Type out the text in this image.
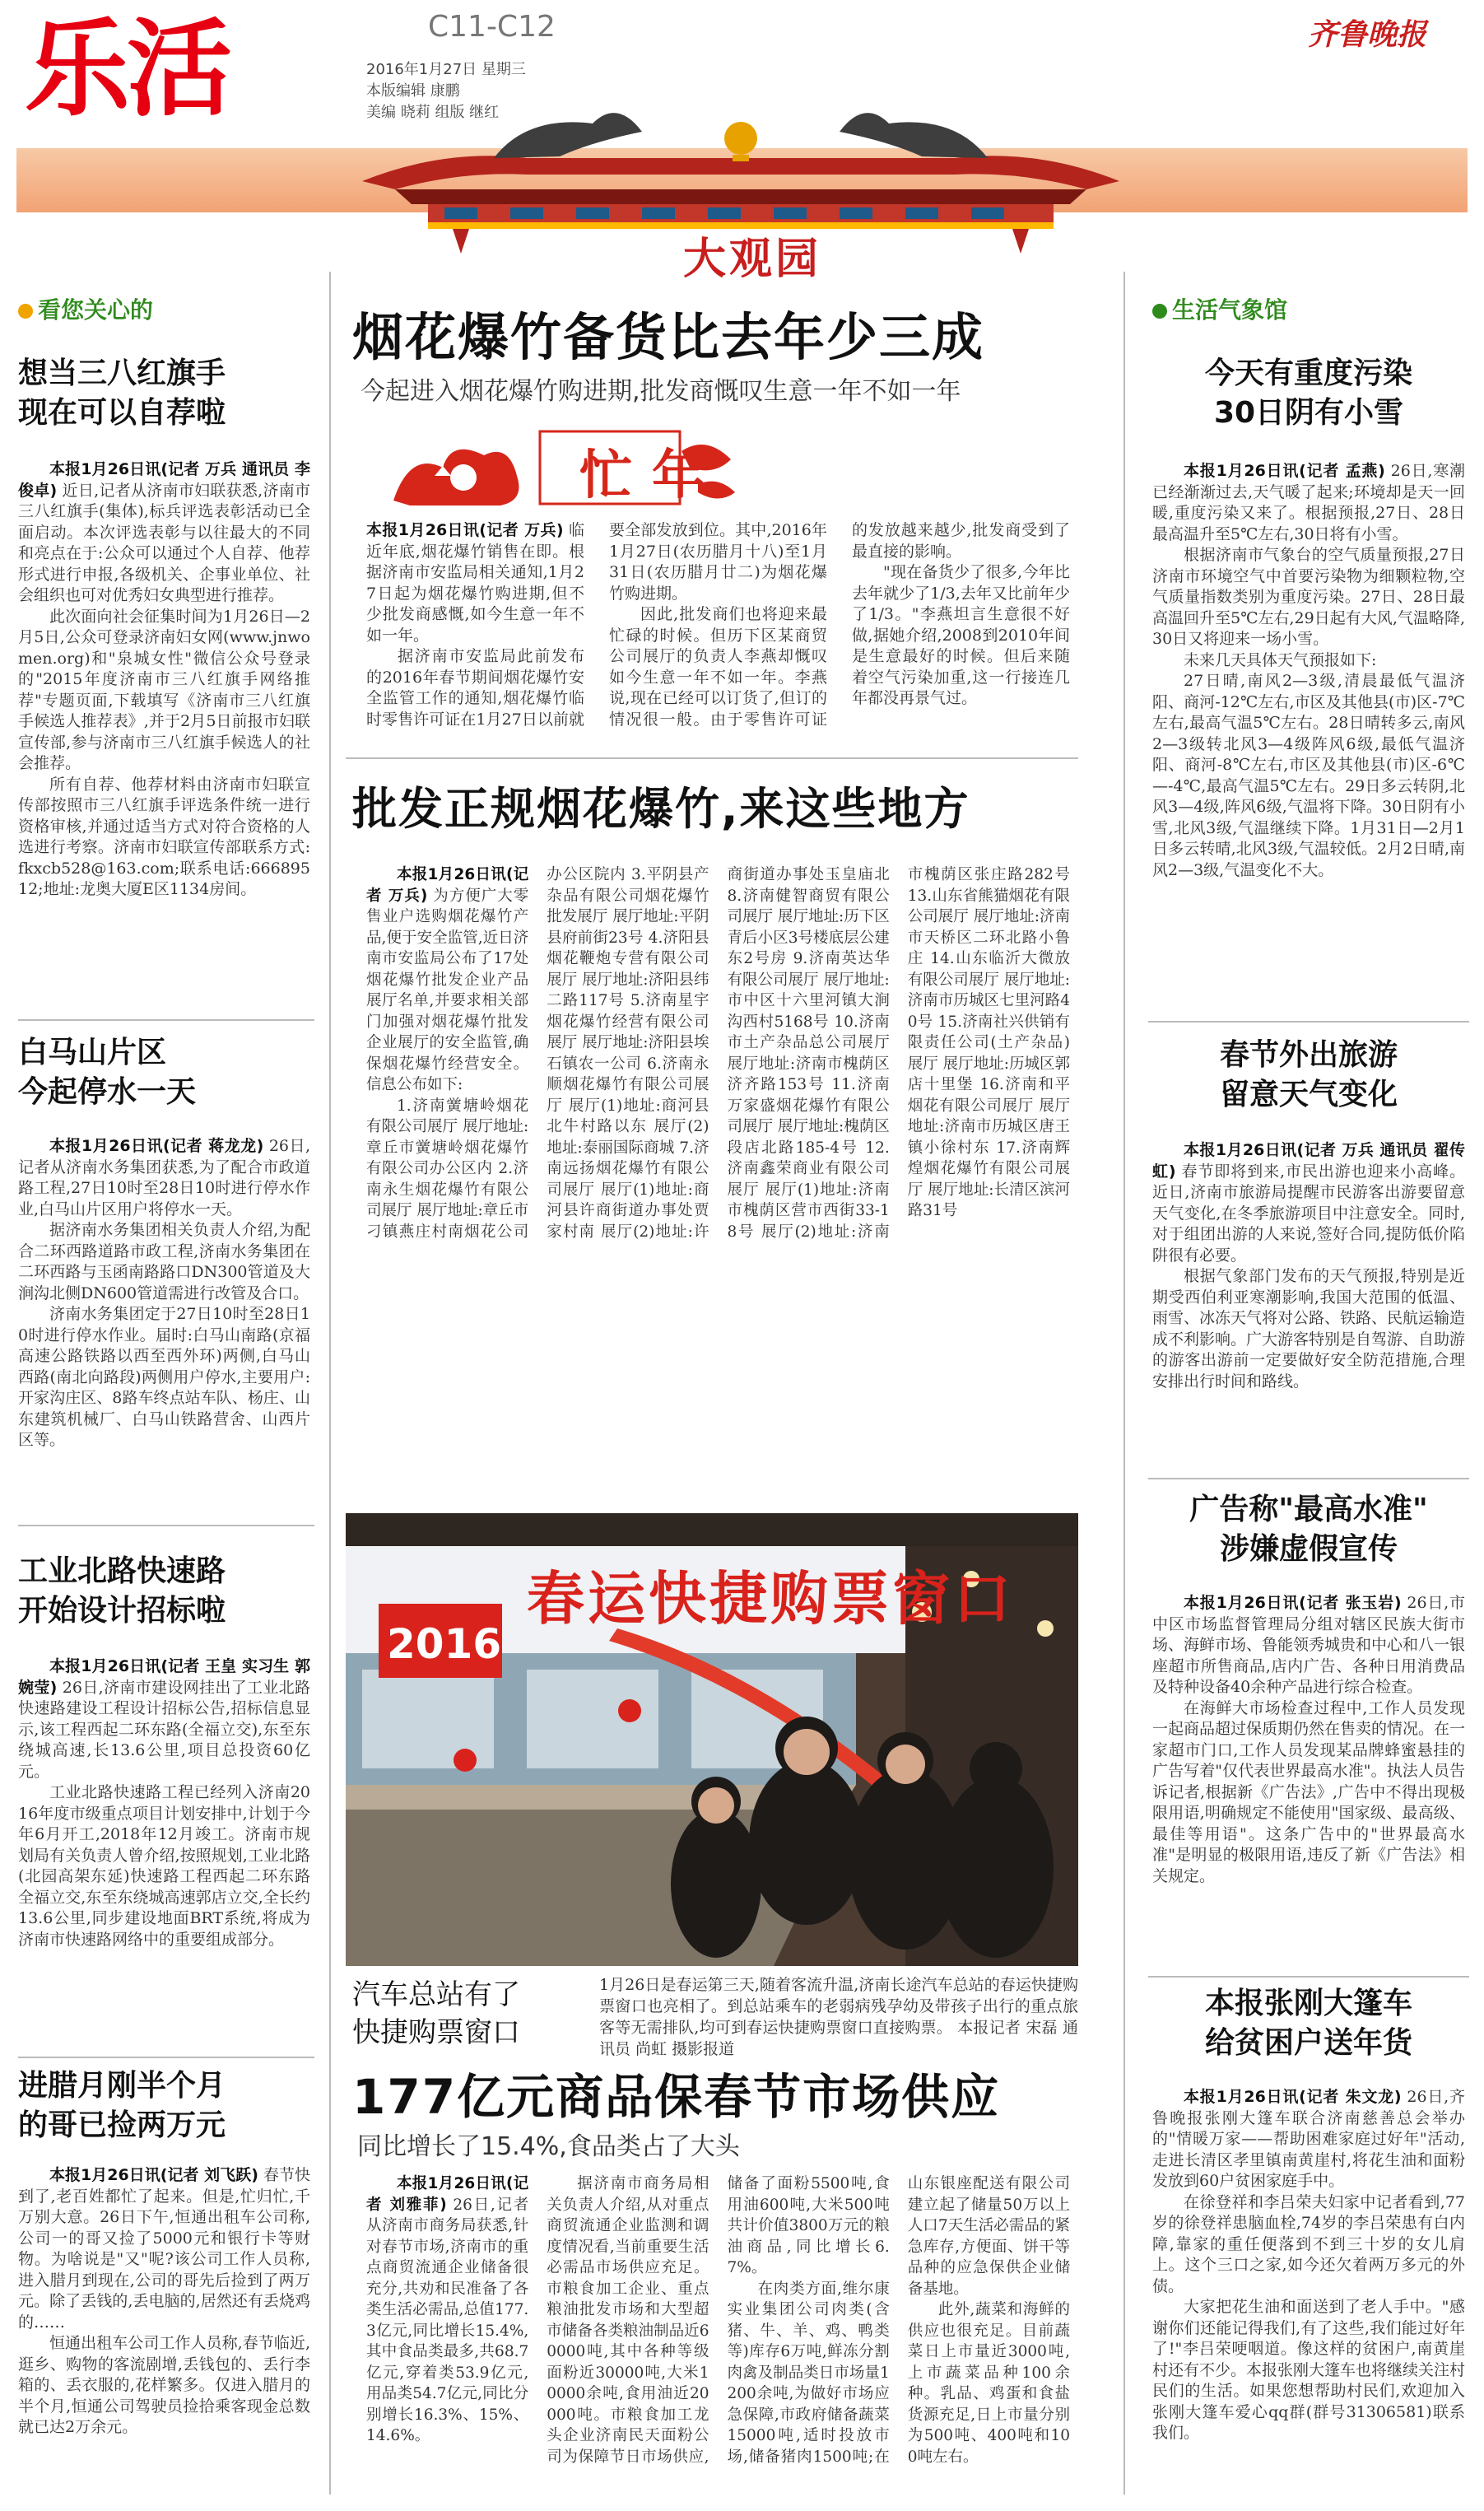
乐活	C11-C12
2016年1月27日 星期三
本版编辑 康鹏
美编 晓莉 组版 继红
齐鲁晚报
大观园
看您关心的
想当三八红旗手
现在可以自荐啦

本报1月26日讯(记者 万兵 通讯员 李俊卓) 近日,记者从济南市妇联获悉,济南市三八红旗手(集体),标兵评选表彰活动已全面启动。本次评选表彰与以往最大的不同和亮点在于:公众可以通过个人自荐、他荐形式进行申报,各级机关、企事业单位、社会组织也可对优秀妇女典型进行推荐。

此次面向社会征集时间为1月26日—2月5日,公众可登录济南妇女网(www.jnwomen.org)和"泉城女性"微信公众号登录的"2015年度济南市三八红旗手网络推荐"专题页面,下载填写《济南市三八红旗手候选人推荐表》,并于2月5日前报市妇联宣传部,参与济南市三八红旗手候选人的社会推荐。

所有自荐、他荐材料由济南市妇联宣传部按照市三八红旗手评选条件统一进行资格审核,并通过适当方式对符合资格的人选进行考察。济南市妇联宣传部联系方式:fkxcb528@163.com;联系电话:66689512;地址:龙奥大厦E区1134房间。

白马山片区
今起停水一天

本报1月26日讯(记者 蒋龙龙) 26日,记者从济南水务集团获悉,为了配合市政道路工程,27日10时至28日10时进行停水作业,白马山片区用户将停水一天。

据济南水务集团相关负责人介绍,为配合二环西路道路市政工程,济南水务集团在二环西路与玉函南路路口DN300管道及大涧沟北侧DN600管道需进行改管及合口。

济南水务集团定于27日10时至28日10时进行停水作业。届时:白马山南路(京福高速公路铁路以西至西外环)两侧,白马山西路(南北向路段)两侧用户停水,主要用户:开家沟庄区、8路车终点站车队、杨庄、山东建筑机械厂、白马山铁路营舍、山西片区等。

工业北路快速路
开始设计招标啦

本报1月26日讯(记者 王皇 实习生 郭婉莹) 26日,济南市建设网挂出了工业北路快速路建设工程设计招标公告,招标信息显示,该工程西起二环东路(全福立交),东至东绕城高速,长13.6公里,项目总投资60亿元。

工业北路快速路工程已经列入济南2016年度市级重点项目计划安排中,计划于今年6月开工,2018年12月竣工。济南市规划局有关负责人曾介绍,按照规划,工业北路(北园高架东延)快速路工程西起二环东路全福立交,东至东绕城高速郭店立交,全长约13.6公里,同步建设地面BRT系统,将成为济南市快速路网络中的重要组成部分。

进腊月刚半个月
的哥已捡两万元

本报1月26日讯(记者 刘飞跃) 春节快到了,老百姓都忙了起来。但是,忙归忙,千万别大意。26日下午,恒通出租车公司称,公司一的哥又捡了5000元和银行卡等财物。为啥说是"又"呢?该公司工作人员称,进入腊月到现在,公司的哥先后捡到了两万元。除了丢钱的,丢电脑的,居然还有丢烧鸡的……

恒通出租车公司工作人员称,春节临近,逛乡、购物的客流剧增,丢钱包的、丢行李箱的、丢衣服的,花样繁多。仅进入腊月的半个月,恒通公司驾驶员捡拾乘客现金总数就已达2万余元。

烟花爆竹备货比去年少三成
今起进入烟花爆竹购进期,批发商慨叹生意一年不如一年
忙年

本报1月26日讯(记者 万兵) 临近年底,烟花爆竹销售在即。根据济南市安监局相关通知,1月27日起为烟花爆竹购进期,但不少批发商感慨,如今生意一年不如一年。

据济南市安监局此前发布的2016年春节期间烟花爆竹安全监管工作的通知,烟花爆竹临时零售许可证在1月27日以前就要全部发放到位。其中,2016年1月27日(农历腊月十八)至1月31日(农历腊月廿二)为烟花爆竹购进期。

因此,批发商们也将迎来最忙碌的时候。但历下区某商贸公司展厅的负责人李燕却慨叹如今生意一年不如一年。李燕说,现在已经可以订货了,但订的情况很一般。由于零售许可证的发放越来越少,批发商受到了最直接的影响。

"现在备货少了很多,今年比去年就少了1/3,去年又比前年少了1/3。"李燕坦言生意很不好做,据她介绍,2008到2010年间是生意最好的时候。但后来随着空气污染加重,这一行接连几年都没再景气过。

批发正规烟花爆竹,来这些地方

本报1月26日讯(记者 万兵) 为方便广大零售业户选购烟花爆竹产品,便于安全监管,近日济南市安监局公布了17处烟花爆竹批发企业产品展厅名单,并要求相关部门加强对烟花爆竹批发企业展厅的安全监管,确保烟花爆竹经营安全。信息公布如下:

1.济南黉塘岭烟花有限公司展厅 展厅地址:章丘市黉塘岭烟花爆竹有限公司办公区内 2.济南永生烟花爆竹有限公司展厅 展厅地址:章丘市刁镇燕庄村南烟花公司办公区院内 3.平阴县产杂品有限公司烟花爆竹批发展厅 展厅地址:平阴县府前街23号 4.济阳县烟花鞭炮专营有限公司展厅 展厅地址:济阳县纬二路117号 5.济南星宇烟花爆竹经营有限公司展厅 展厅地址:济阳县埃石镇农一公司 6.济南永顺烟花爆竹有限公司展厅 展厅(1)地址:商河县北牛村路以东 展厅(2)地址:泰丽国际商城 7.济南远扬烟花爆竹有限公司展厅 展厅(1)地址:商河县许商街道办事处贾家村南 展厅(2)地址:许商街道办事处玉皇庙北 8.济南健智商贸有限公司展厅 展厅地址:历下区青后小区3号楼底层公建东2号房 9.济南英达华有限公司展厅 展厅地址:市中区十六里河镇大涧沟西村5168号 10.济南市土产杂品总公司展厅 展厅地址:济南市槐荫区济齐路153号 11.济南万家盛烟花爆竹有限公司展厅 展厅地址:槐荫区段店北路185-4号 12.济南鑫荣商业有限公司展厅 展厅(1)地址:济南市槐荫区营市西街33-18号 展厅(2)地址:济南市槐荫区张庄路282号 13.山东省熊猫烟花有限公司展厅 展厅地址:济南市天桥区二环北路小鲁庄 14.山东临沂大微放有限公司展厅 展厅地址:济南市历城区七里河路40号 15.济南社兴供销有限责任公司(土产杂品)展厅 展厅地址:历城区郭店十里堡 16.济南和平烟花有限公司展厅 展厅地址:济南市历城区唐王镇小徐村东 17.济南辉煌烟花爆竹有限公司展厅 展厅地址:长清区滨河路31号

春运快捷购票窗口
2016
汽车总站有了
快捷购票窗口
1月26日是春运第三天,随着客流升温,济南长途汽车总站的春运快捷购票窗口也亮相了。到总站乘车的老弱病残孕幼及带孩子出行的重点旅客等无需排队,均可到春运快捷购票窗口直接购票。 本报记者 宋磊 通讯员 尚虹 摄影报道
177亿元商品保春节市场供应
同比增长了15.4%,食品类占了大头

本报1月26日讯(记者 刘雅菲) 26日,记者从济南市商务局获悉,针对春节市场,济南市的重点商贸流通企业储备很充分,共劝和民准备了各类生活必需品,总值177.3亿元,同比增长15.4%,其中食品类最多,共68.7亿元,穿着类53.9亿元,用品类54.7亿元,同比分别增长16.3%、15%、14.6%。

据济南市商务局相关负责人介绍,从对重点商贸流通企业监测和调度情况看,当前重要生活必需品市场供应充足。市粮食加工企业、重点粮油批发市场和大型超市储备各类粮油制品近60000吨,其中各种等级面粉近30000吨,大米10000余吨,食用油近20000吨。市粮食加工龙头企业济南民天面粉公司为保障节日市场供应,储备了面粉5500吨,食用油600吨,大米500吨共计价值3800万元的粮油商品,同比增长6.7%。

在肉类方面,维尔康实业集团公司肉类(含猪、牛、羊、鸡、鸭类等)库存6万吨,鲜冻分割肉禽及制品类日市场量1200余吨,为做好市场应急保障,市政府储备蔬菜15000吨,适时投放市场,储备猪肉1500吨;在山东银座配送有限公司建立起了储量50万以上人口7天生活必需品的紧急库存,方便面、饼干等品种的应急保供企业储备基地。

此外,蔬菜和海鲜的供应也很充足。目前蔬菜日上市量近3000吨,上市蔬菜品种100余种。乳品、鸡蛋和食盐货源充足,日上市量分别为500吨、400吨和100吨左右。

生活气象馆
今天有重度污染
30日阴有小雪

本报1月26日讯(记者 孟燕) 26日,寒潮已经渐渐过去,天气暖了起来;环境却是天一回暖,重度污染又来了。根据预报,27日、28日最高温升至5℃左右,30日将有小雪。

根据济南市气象台的空气质量预报,27日济南市环境空气中首要污染物为细颗粒物,空气质量指数类别为重度污染。27日、28日最高温回升至5℃左右,29日起有大风,气温略降,30日又将迎来一场小雪。

未来几天具体天气预报如下:

27日晴,南风2—3级,清晨最低气温济阳、商河-12℃左右,市区及其他县(市)区-7℃左右,最高气温5℃左右。28日晴转多云,南风2—3级转北风3—4级阵风6级,最低气温济阳、商河-8℃左右,市区及其他县(市)区-6℃—-4℃,最高气温5℃左右。29日多云转阴,北风3—4级,阵风6级,气温将下降。30日阴有小雪,北风3级,气温继续下降。1月31日—2月1日多云转晴,北风3级,气温较低。2月2日晴,南风2—3级,气温变化不大。

春节外出旅游
留意天气变化

本报1月26日讯(记者 万兵 通讯员 翟传虹) 春节即将到来,市民出游也迎来小高峰。近日,济南市旅游局提醒市民游客出游要留意天气变化,在冬季旅游项目中注意安全。同时,对于组团出游的人来说,签好合同,提防低价陷阱很有必要。

根据气象部门发布的天气预报,特别是近期受西伯利亚寒潮影响,我国大范围的低温、雨雪、冰冻天气将对公路、铁路、民航运输造成不利影响。广大游客特别是自驾游、自助游的游客出游前一定要做好安全防范措施,合理安排出行时间和路线。

广告称"最高水准"
涉嫌虚假宣传

本报1月26日讯(记者 张玉岩) 26日,市中区市场监督管理局分组对辖区民族大街市场、海鲜市场、鲁能领秀城贵和中心和八一银座超市所售商品,店内广告、各种日用消费品及特种设备40余种产品进行综合检查。

在海鲜大市场检查过程中,工作人员发现一起商品超过保质期仍然在售卖的情况。在一家超市门口,工作人员发现某品牌蜂蜜悬挂的广告写着"仅代表世界最高水准"。执法人员告诉记者,根据新《广告法》,广告中不得出现极限用语,明确规定不能使用"国家级、最高级、最佳等用语"。这条广告中的"世界最高水准"是明显的极限用语,违反了新《广告法》相关规定。

本报张刚大篷车
给贫困户送年货

本报1月26日讯(记者 朱文龙) 26日,齐鲁晚报张刚大篷车联合济南慈善总会举办的"情暖万家——帮助困难家庭过好年"活动,走进长清区孝里镇南黄崖村,将花生油和面粉发放到60户贫困家庭手中。

在徐登祥和李吕荣夫妇家中记者看到,77岁的徐登祥患脑血栓,74岁的李吕荣患有白内障,靠家的重任便落到不到三十岁的女儿肩上。这个三口之家,如今还欠着两万多元的外债。

大家把花生油和面送到了老人手中。"感谢你们还能记得我们,有了这些,我们能过好年了!"李吕荣哽咽道。像这样的贫困户,南黄崖村还有不少。本报张刚大篷车也将继续关注村民们的生活。如果您想帮助村民们,欢迎加入张刚大篷车爱心qq群(群号31306581)联系我们。
